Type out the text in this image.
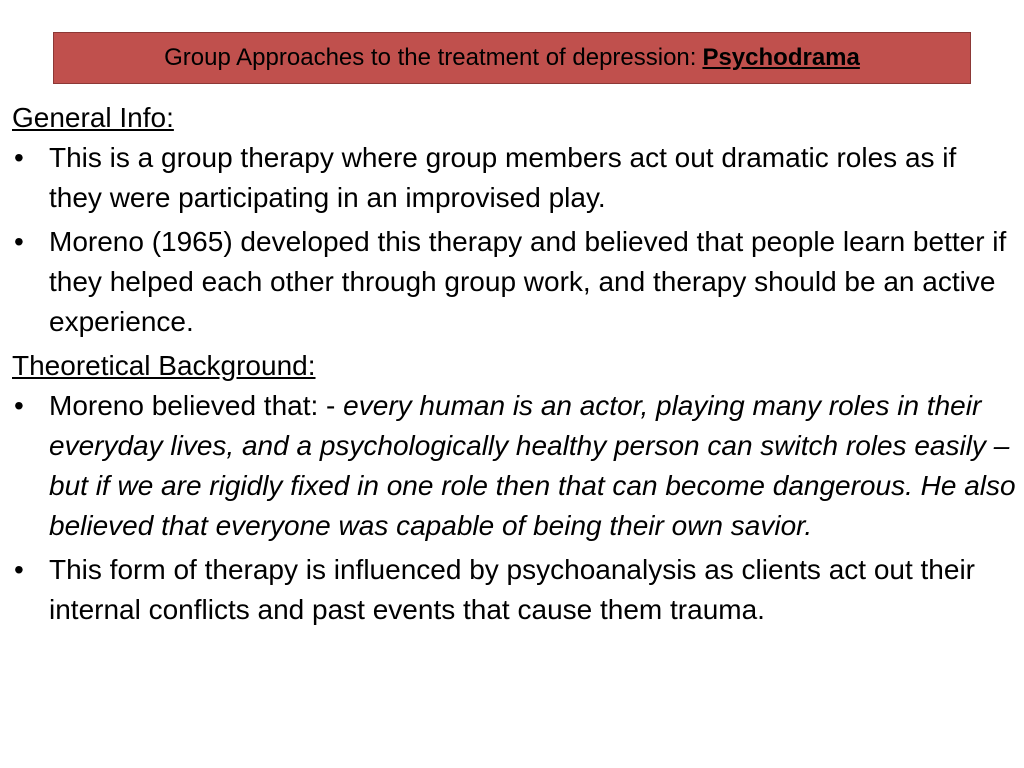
Group Approaches to the treatment of depression: Psychodrama

General Info:

• This is a group therapy where group members act out dramatic roles as if they were participating in an improvised play.
• Moreno (1965) developed this therapy and believed that people learn better if they helped each other through group work, and therapy should be an active experience.

Theoretical Background:

• Moreno believed that: - every human is an actor, playing many roles in their everyday lives, and a psychologically healthy person can switch roles easily – but if we are rigidly fixed in one role then that can become dangerous. He also believed that everyone was capable of being their own savior.
• This form of therapy is influenced by psychoanalysis as clients act out their internal conflicts and past events that cause them trauma.
